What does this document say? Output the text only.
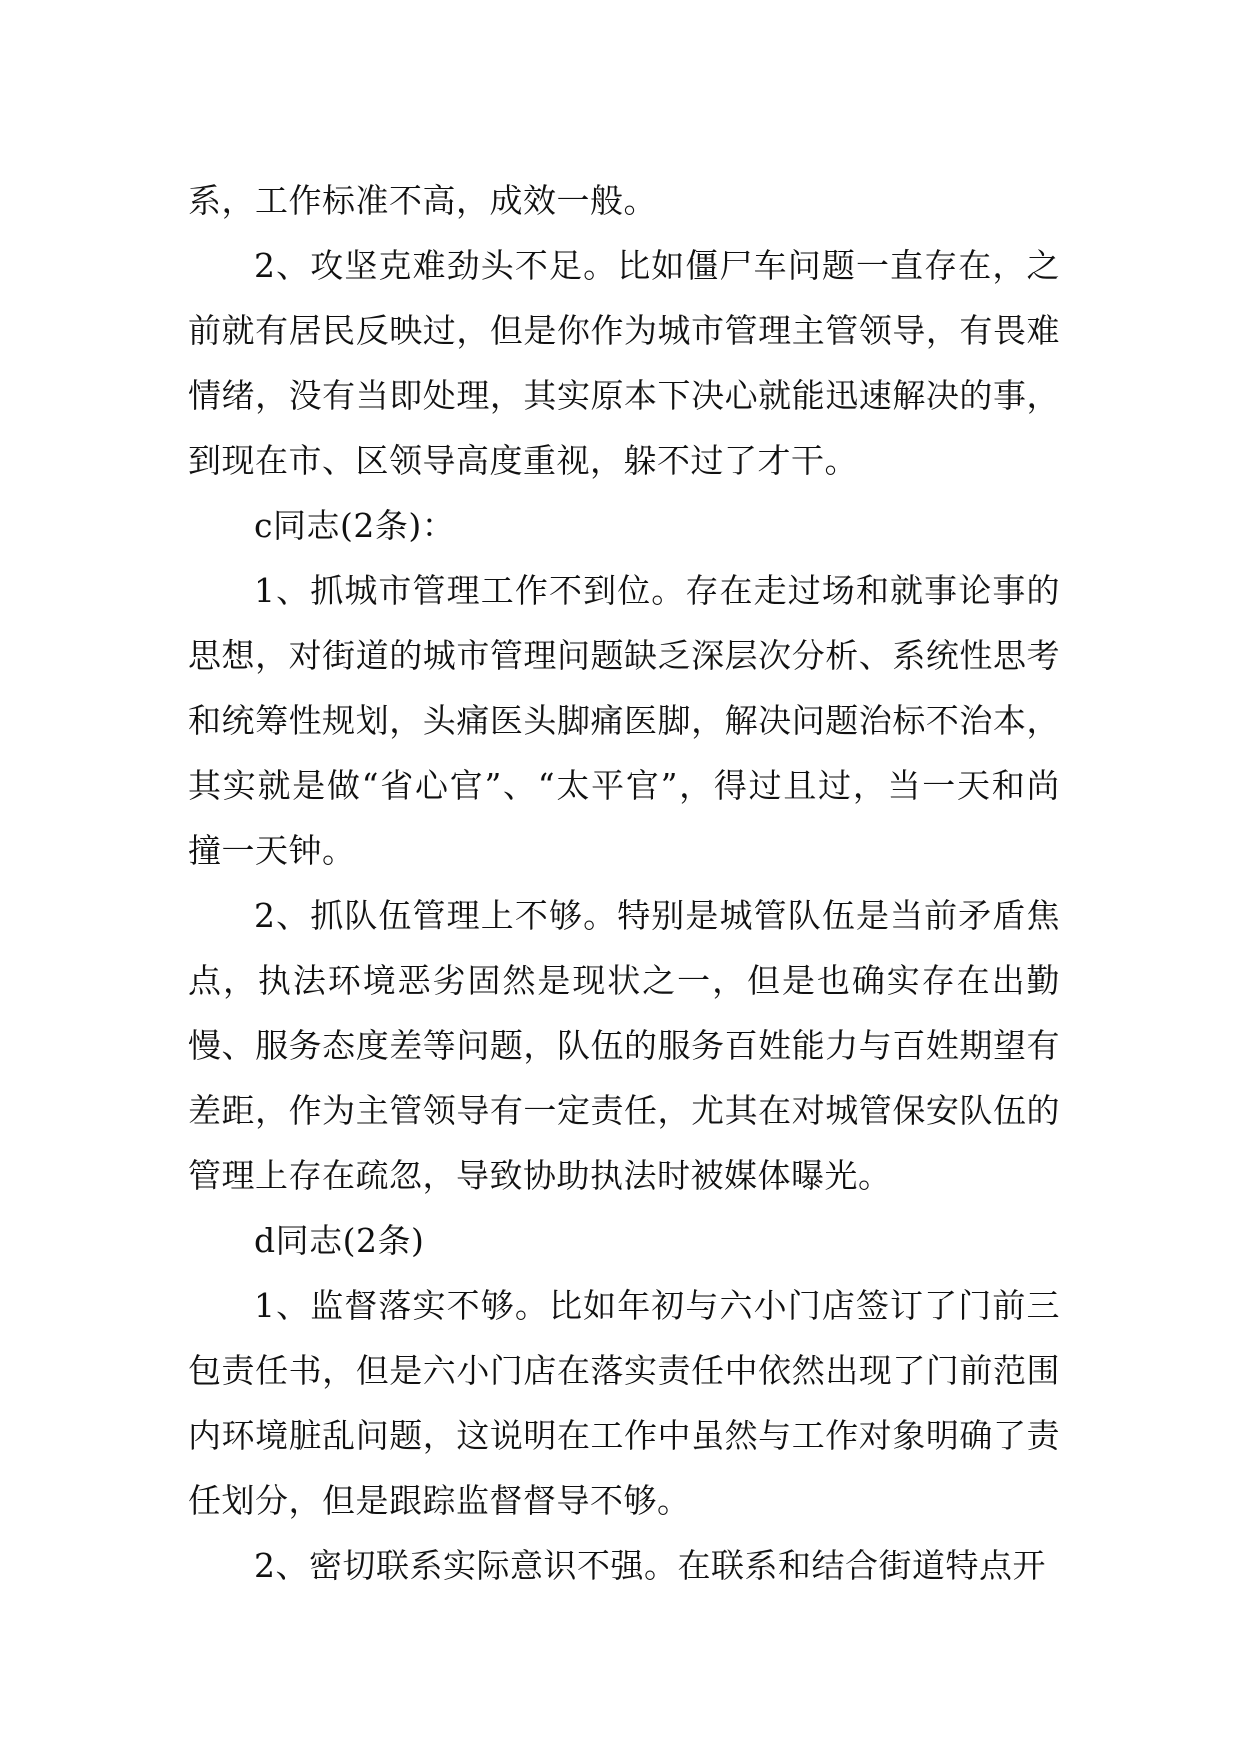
系，工作标准不高，成效一般。

2、攻坚克难劲头不足。比如僵尸车问题一直存在，之前就有居民反映过，但是你作为城市管理主管领导，有畏难情绪，没有当即处理，其实原本下决心就能迅速解决的事，到现在市、区领导高度重视，躲不过了才干。

c同志(2条)：

1、抓城市管理工作不到位。存在走过场和就事论事的思想，对街道的城市管理问题缺乏深层次分析、系统性思考和统筹性规划，头痛医头脚痛医脚，解决问题治标不治本，其实就是做“省心官”、“太平官”，得过且过，当一天和尚撞一天钟。

2、抓队伍管理上不够。特别是城管队伍是当前矛盾焦点，执法环境恶劣固然是现状之一，但是也确实存在出勤慢、服务态度差等问题，队伍的服务百姓能力与百姓期望有差距，作为主管领导有一定责任，尤其在对城管保安队伍的管理上存在疏忽，导致协助执法时被媒体曝光。

d同志(2条)

1、监督落实不够。比如年初与六小门店签订了门前三包责任书，但是六小门店在落实责任中依然出现了门前范围内环境脏乱问题，这说明在工作中虽然与工作对象明确了责任划分，但是跟踪监督督导不够。

2、密切联系实际意识不强。在联系和结合街道特点开
